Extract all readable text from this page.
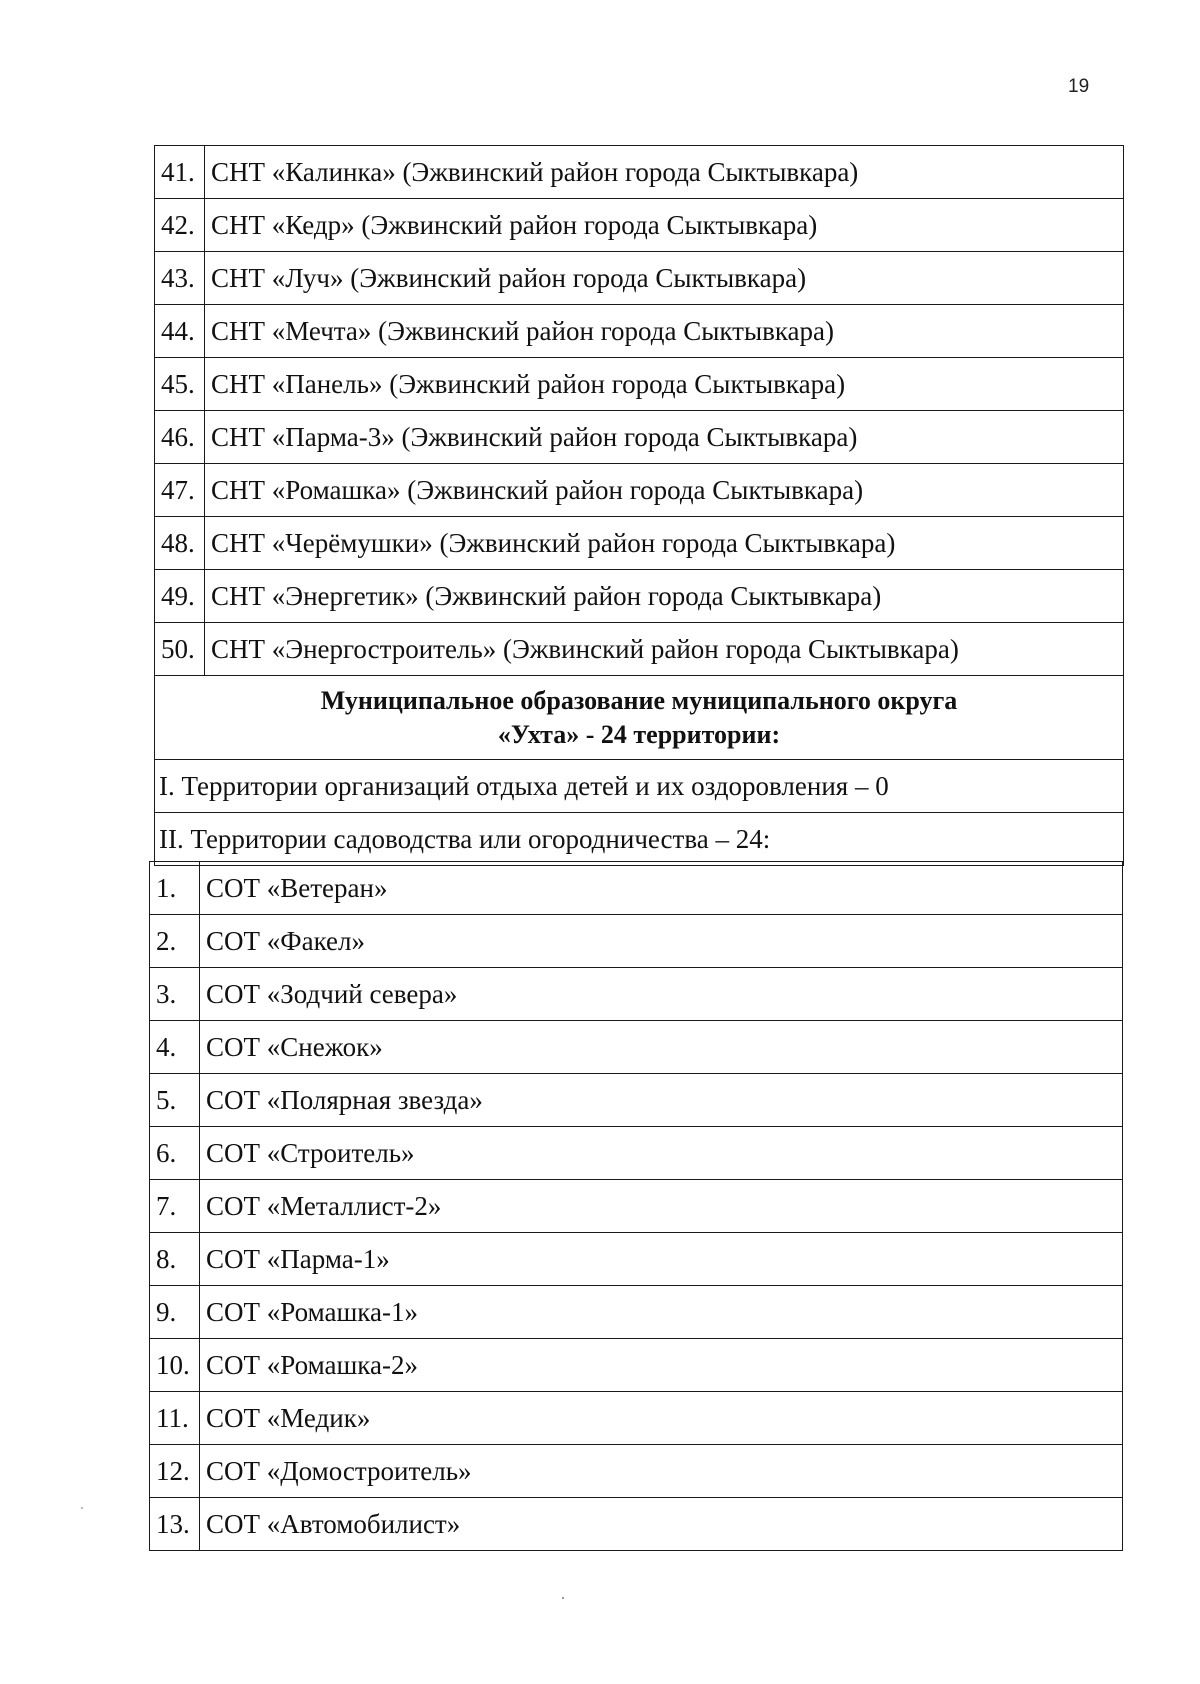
19
41.	СНТ «Калинка» (Эжвинский район города Сыктывкара)
42.	СНТ «Кедр» (Эжвинский район города Сыктывкара)
43.	СНТ «Луч» (Эжвинский район города Сыктывкара)
44.	СНТ «Мечта» (Эжвинский район города Сыктывкара)
45.	СНТ «Панель» (Эжвинский район города Сыктывкара)
46.	СНТ «Парма-3» (Эжвинский район города Сыктывкара)
47.	СНТ «Ромашка» (Эжвинский район города Сыктывкара)
48.	СНТ «Черёмушки» (Эжвинский район города Сыктывкара)
49.	СНТ «Энергетик» (Эжвинский район города Сыктывкара)
50.	СНТ «Энергостроитель» (Эжвинский район города Сыктывкара)

Муниципальное образование муниципального округа
«Ухта» - 24 территории:	

I. Территории организаций отдыха детей и их оздоровления – 0	
II. Территории садоводства или огородничества – 24:	
1.	СОТ «Ветеран»
2.	СОТ «Факел»
3.	СОТ «Зодчий севера»
4.	СОТ «Снежок»
5.	СОТ «Полярная звезда»
6.	СОТ «Строитель»
7.	СОТ «Металлист-2»
8.	СОТ «Парма-1»
9.	СОТ «Ромашка-1»
10.	СОТ «Ромашка-2»
11.	СОТ «Медик»
12.	СОТ «Домостроитель»
13.	СОТ «Автомобилист»
